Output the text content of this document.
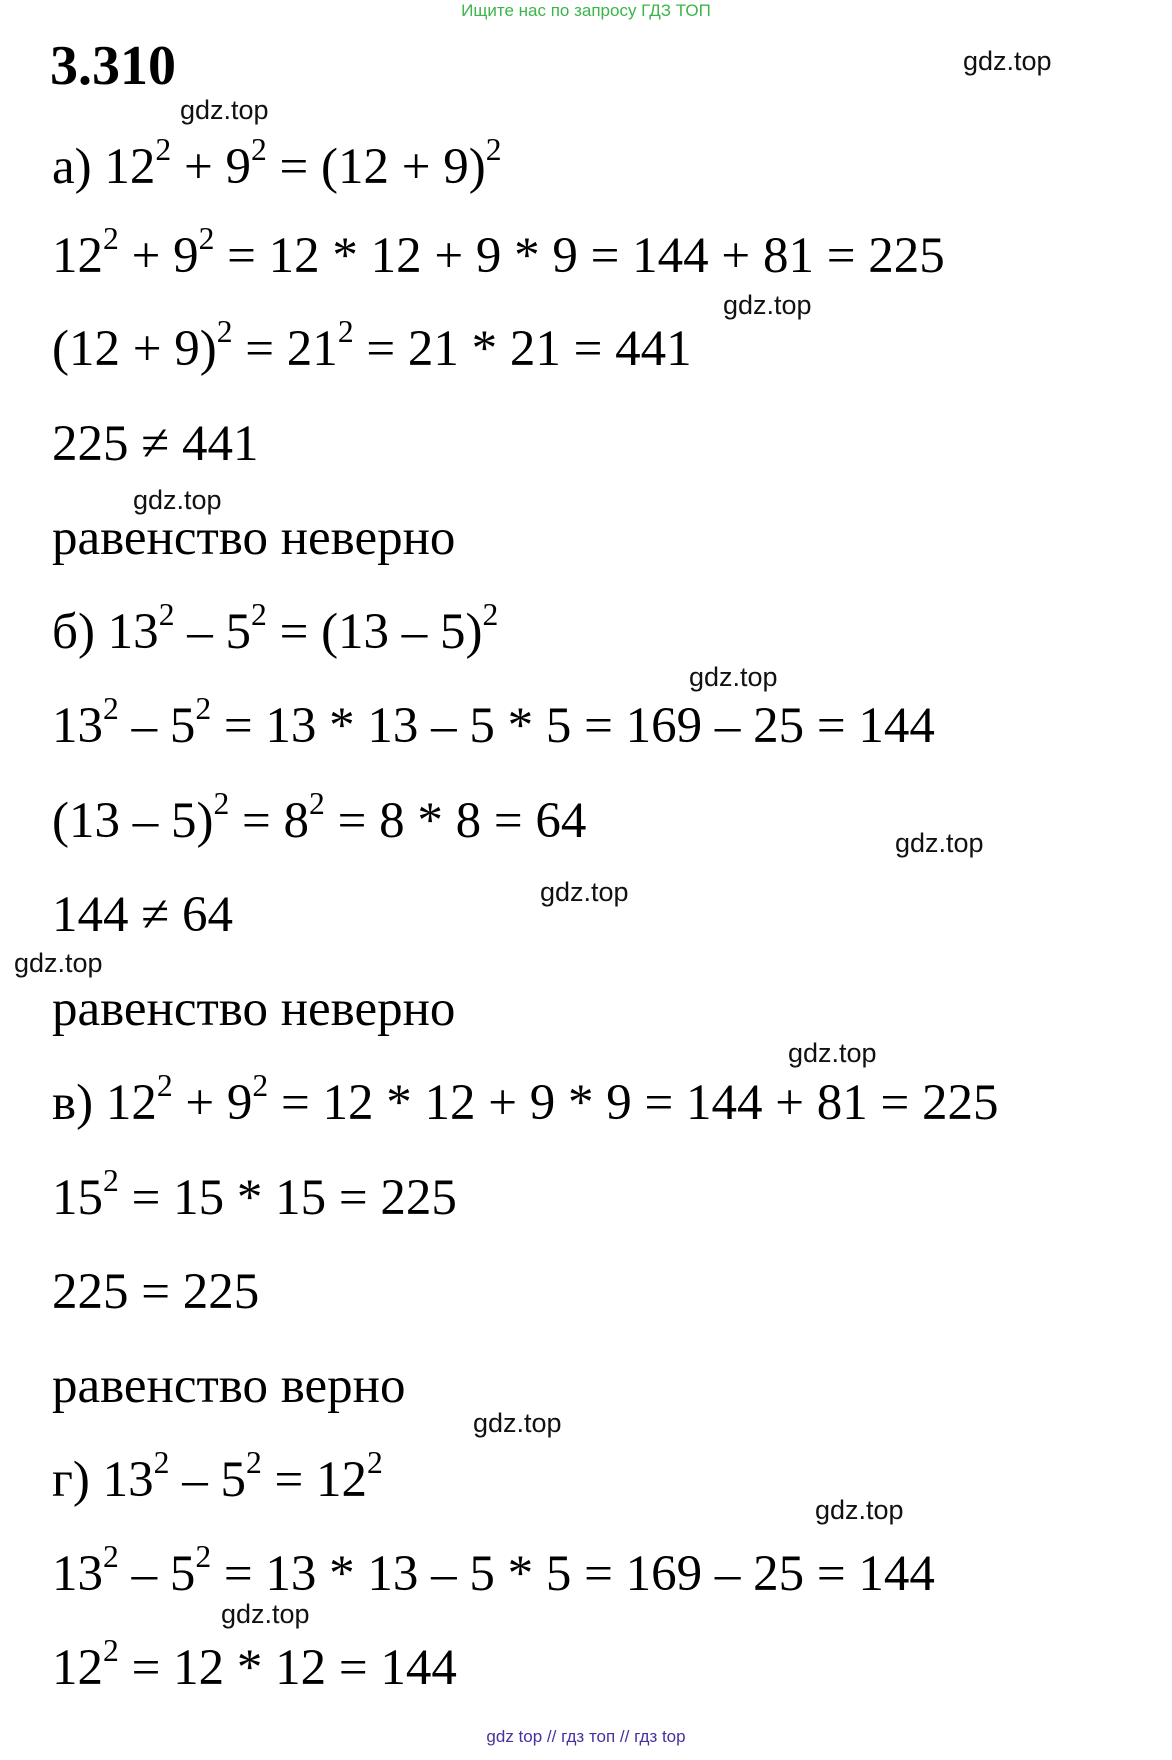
Ищите нас по запросу ГДЗ ТОП
3.310
а) $12^2 + 9^2 = (12 + 9)^2$
$12^2 + 9^2 = 12 * 12 + 9 * 9 = 144 + 81 = 225$
$(12 + 9)^2 = 21^2 = 21 * 21 = 441$
225 ≠ 441
равенство неверно
б) $13^2 - 5^2 = (13 - 5)^2$
$13^2 - 5^2 = 13 * 13 - 5 * 5 = 169 - 25 = 144$
$(13 - 5)^2 = 8^2 = 8 * 8 = 64$
144 ≠ 64
равенство неверно
в) $12^2 + 9^2 = 12 * 12 + 9 * 9 = 144 + 81 = 225$
$15^2 = 15 * 15 = 225$
225 = 225
равенство верно
г) $13^2 - 5^2 = 12^2$
$13^2 - 5^2 = 13 * 13 - 5 * 5 = 169 - 25 = 144$
$12^2 = 12 * 12 = 144$
gdz.top
gdz.top
gdz.top
gdz.top
gdz.top
gdz.top
gdz.top
gdz.top
gdz.top
gdz.top
gdz.top
gdz.top
gdz top // гдз топ // гдз top
